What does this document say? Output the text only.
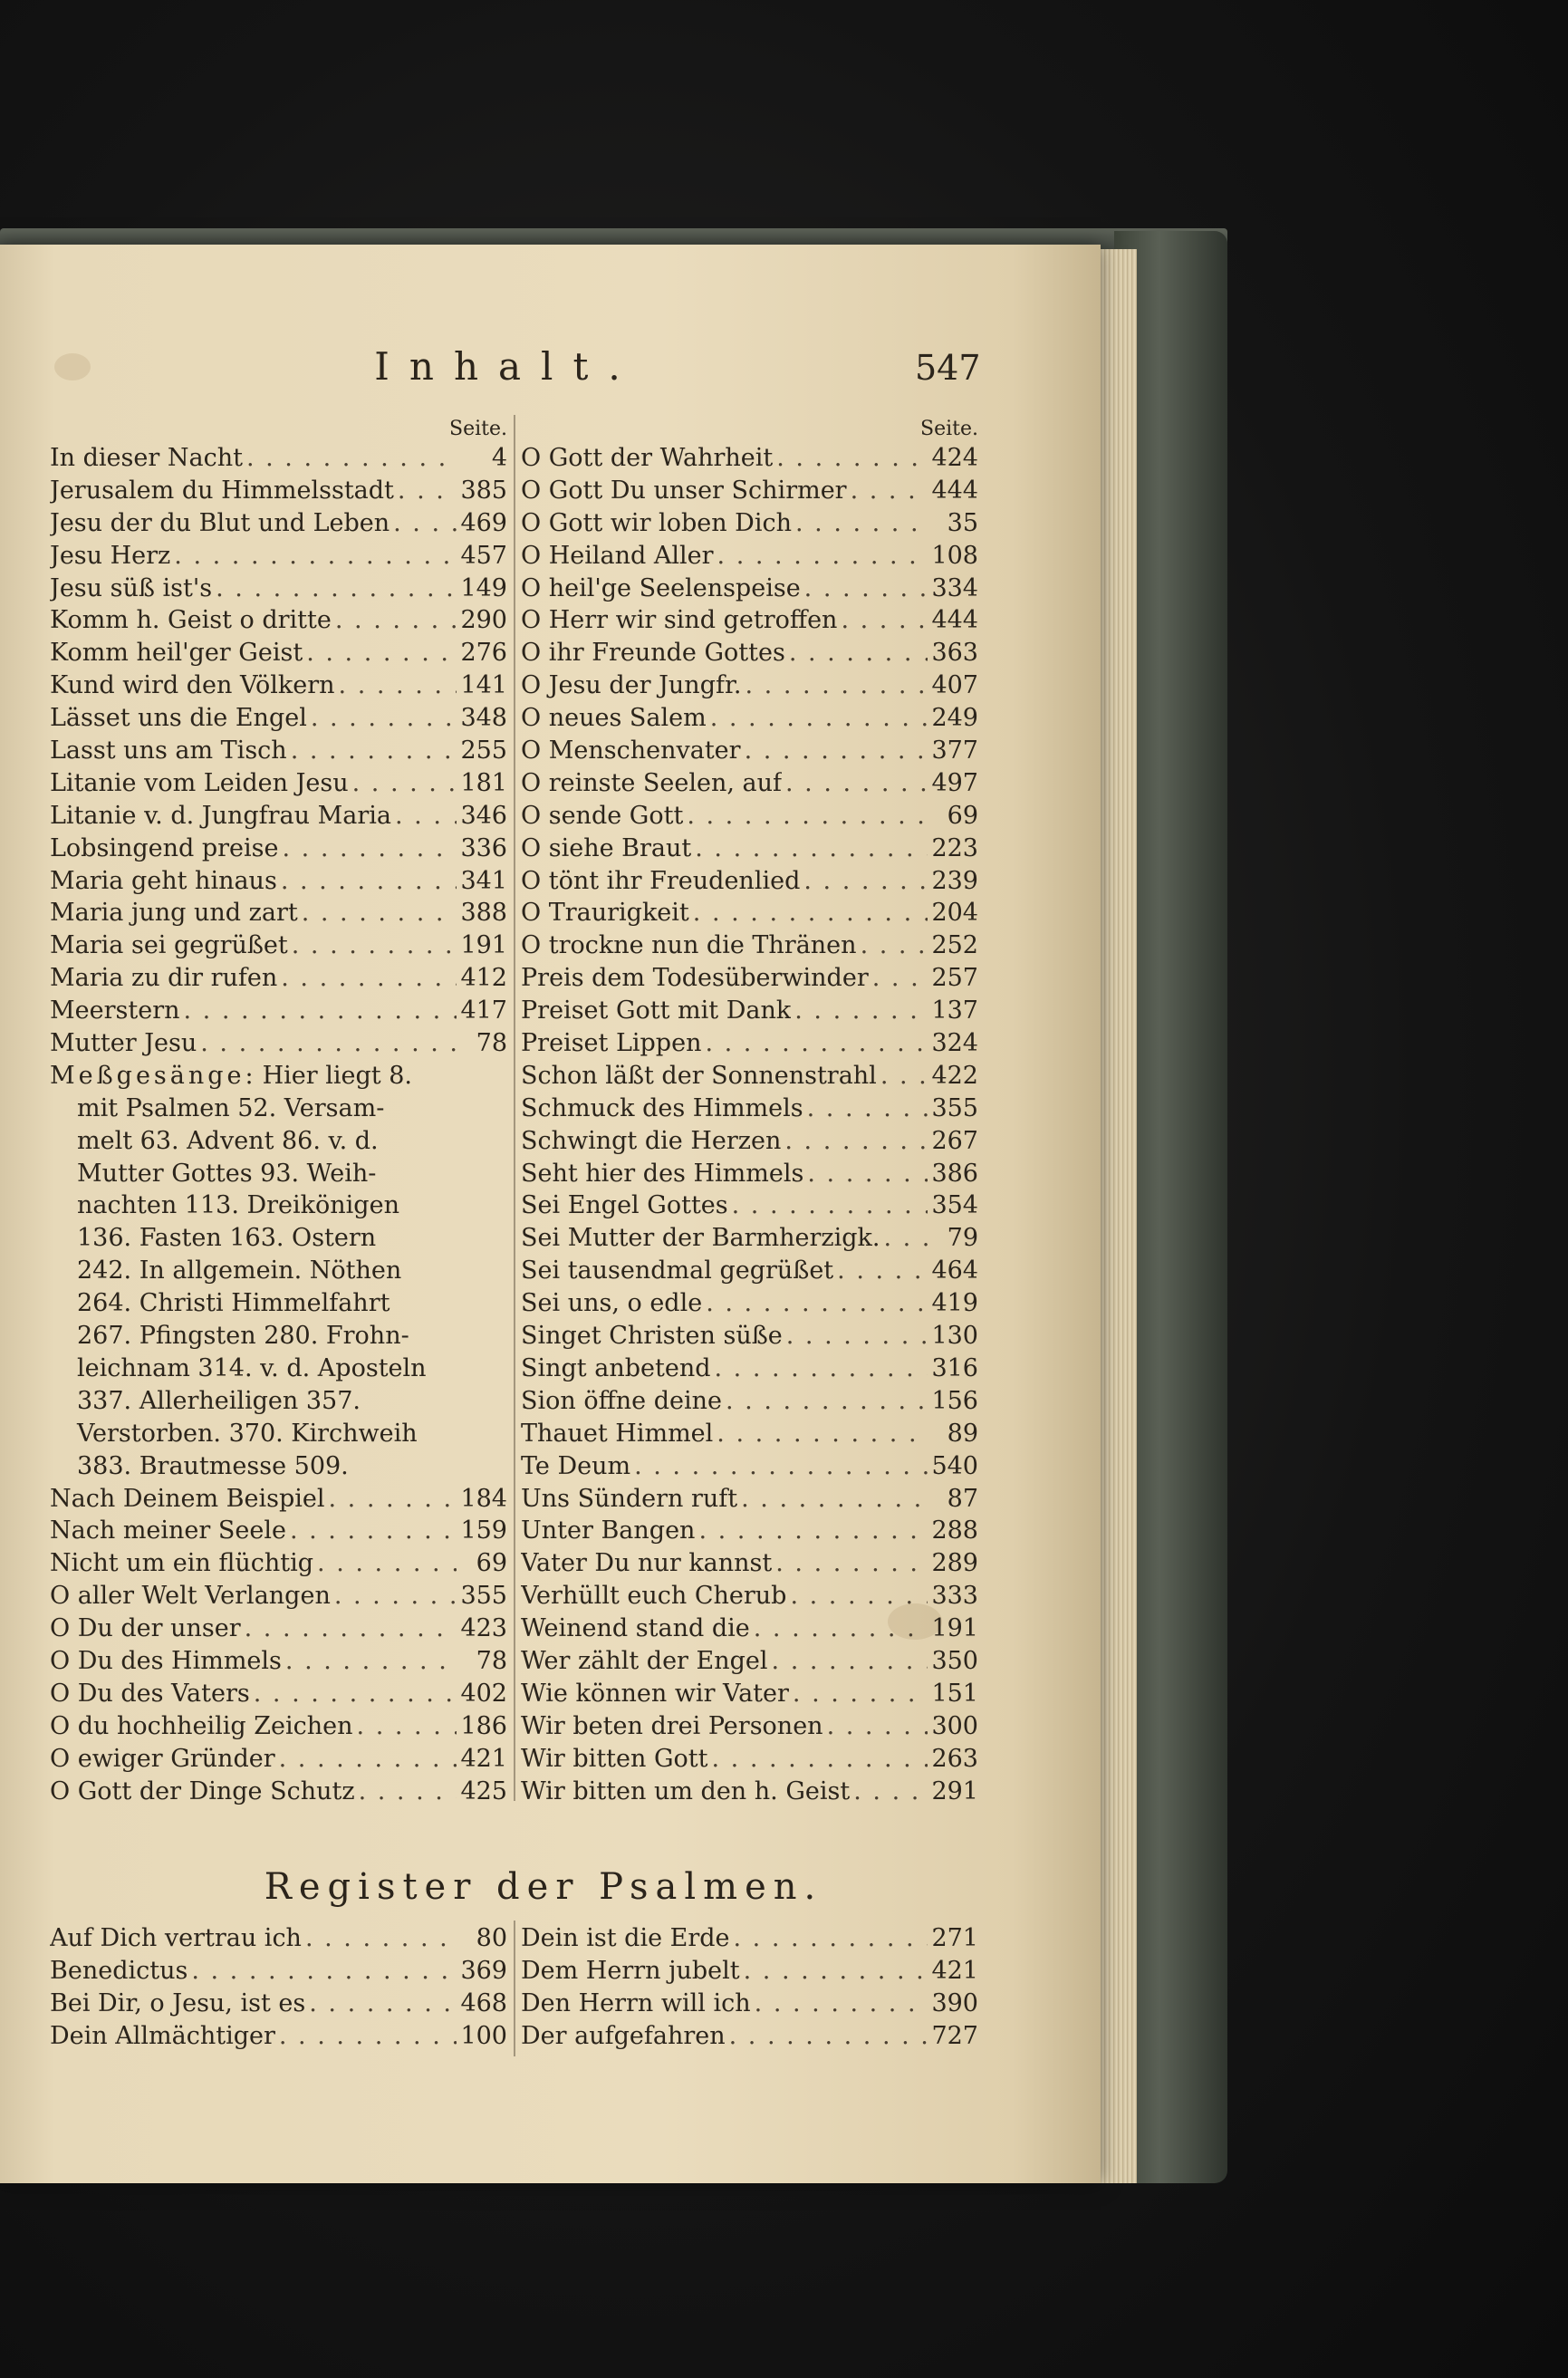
Inhalt.	547
Seite.
In dieser Nacht . . .	4
Jerusalem du Himmelsstadt . . .	385
Jesu der du Blut und Leben . . .	469
Jesu Herz . . .	457
Jesu süß ist's . . .	149
Komm h. Geist o dritte . . .	290
Komm heil'ger Geist . . .	276
Kund wird den Völkern . . .	141
Lässet uns die Engel . . .	348
Lasst uns am Tisch . . .	255
Litanie vom Leiden Jesu . . .	181
Litanie v. d. Jungfrau Maria . . .	346
Lobsingend preise . . .	336
Maria geht hinaus . . .	341
Maria jung und zart . . .	388
Maria sei gegrüßet . . .	191
Maria zu dir rufen . . .	412
Meerstern . . .	417
Mutter Jesu . . .	78
Meßgesänge: Hier liegt 8.
mit Psalmen 52. Versam-
melt 63. Advent 86. v. d.
Mutter Gottes 93. Weih-
nachten 113. Dreikönigen
136. Fasten 163. Ostern
242. In allgemein. Nöthen
264. Christi Himmelfahrt
267. Pfingsten 280. Frohn-
leichnam 314. v. d. Aposteln
337. Allerheiligen 357.
Verstorben. 370. Kirchweih
383. Brautmesse 509.
Nach Deinem Beispiel . . .	184
Nach meiner Seele . . .	159
Nicht um ein flüchtig . . .	69
O aller Welt Verlangen . . .	355
O Du der unser . . .	423
O Du des Himmels . . .	78
O Du des Vaters . . .	402
O du hochheilig Zeichen . . .	186
O ewiger Gründer . . .	421
O Gott der Dinge Schutz . . .	425
Seite.
O Gott der Wahrheit . . .	424
O Gott Du unser Schirmer . . .	444
O Gott wir loben Dich . . .	35
O Heiland Aller . . .	108
O heil'ge Seelenspeise . . .	334
O Herr wir sind getroffen . . .	444
O ihr Freunde Gottes . . .	363
O Jesu der Jungfr. . . .	407
O neues Salem . . .	249
O Menschenvater . . .	377
O reinste Seelen, auf . . .	497
O sende Gott . . .	69
O siehe Braut . . .	223
O tönt ihr Freudenlied . . .	239
O Traurigkeit . . .	204
O trockne nun die Thränen . . .	252
Preis dem Todesüberwinder . . .	257
Preiset Gott mit Dank . . .	137
Preiset Lippen . . .	324
Schon läßt der Sonnenstrahl . . . 422
Schmuck des Himmels . . .	355
Schwingt die Herzen . . .	267
Seht hier des Himmels . . .	386
Sei Engel Gottes . . .	354
Sei Mutter der Barmherzigk. . . .	79
Sei tausendmal gegrüßet . . .	464
Sei uns, o edle . . .	419
Singet Christen süße . . .	130
Singt anbetend . . .	316
Sion öffne deine . . .	156
Thauet Himmel . . .	89
Te Deum . . .	540
Uns Sündern ruft . . .	87
Unter Bangen . . .	288
Vater Du nur kannst . . .	289
Verhüllt euch Cherub . . .	333
Weinend stand die . . .	191
Wer zählt der Engel . . .	350
Wie können wir Vater . . .	151
Wir beten drei Personen . . .	300
Wir bitten Gott . . .	263
Wir bitten um den h. Geist . . .	291
Register der Psalmen.
Auf Dich vertrau ich . . .	80
Benedictus . . .	369
Bei Dir, o Jesu, ist es . . .	468
Dein Allmächtiger . . .	100
Dein ist die Erde . . .	271
Dem Herrn jubelt . . .	421
Den Herrn will ich . . .	390
Der aufgefahren . . .	727
